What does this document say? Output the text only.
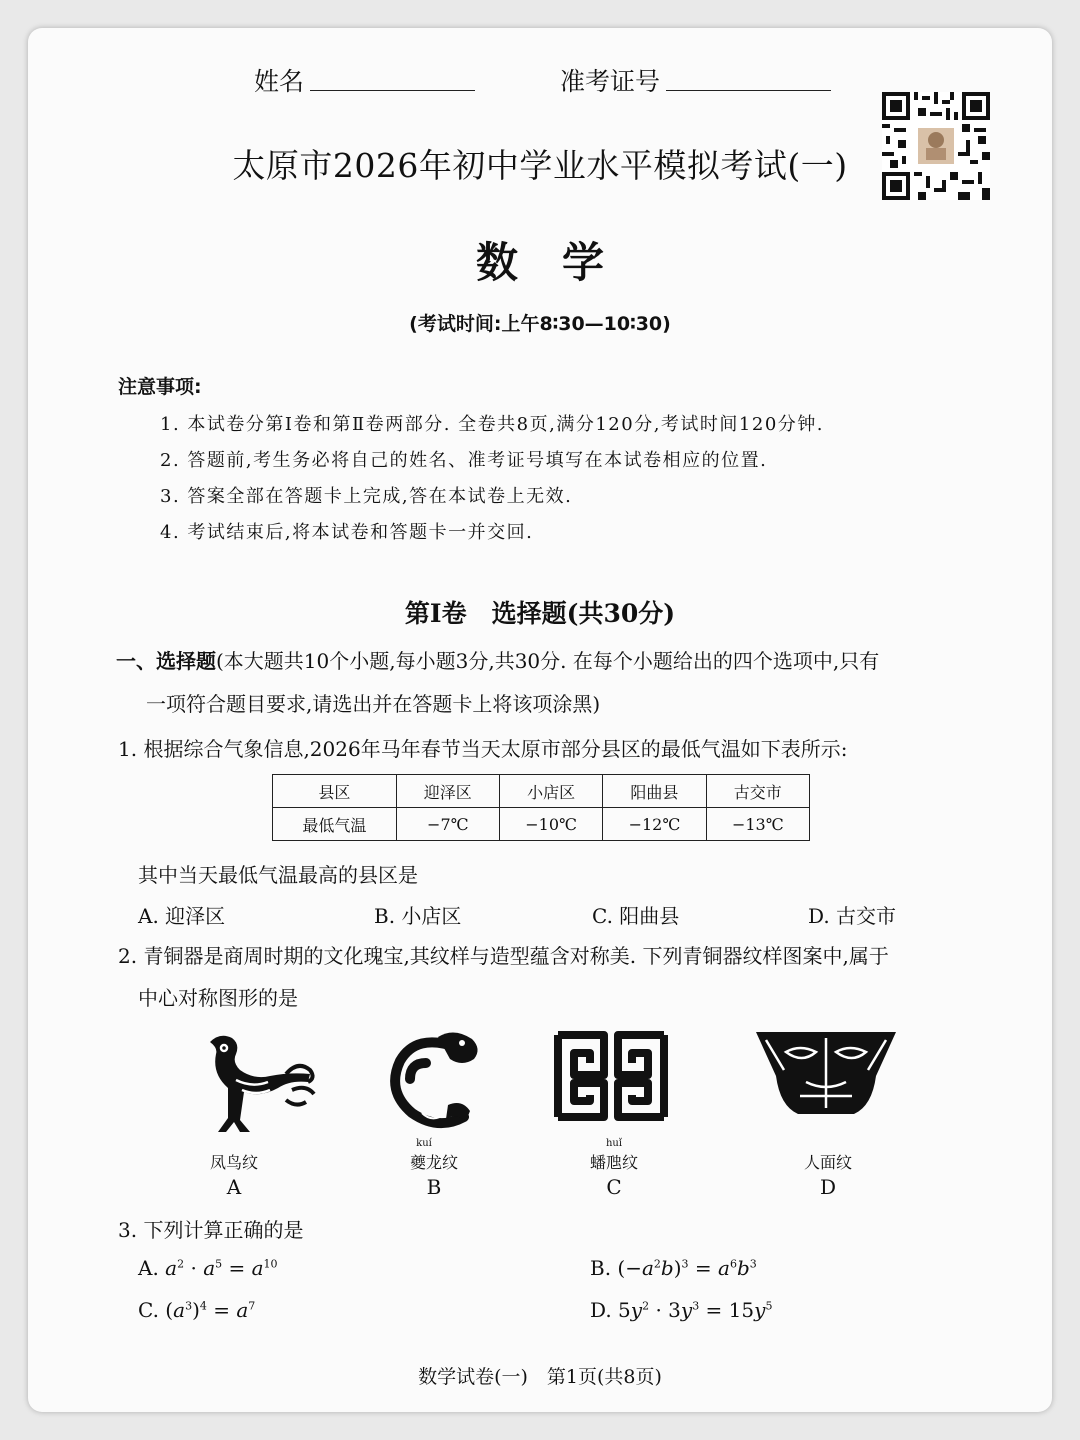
姓名	准考证号
太原市2026年初中学业水平模拟考试(一)
数学
(考试时间:上午8∶30—10∶30)
注意事项:
1. 本试卷分第Ⅰ卷和第Ⅱ卷两部分. 全卷共8页,满分120分,考试时间120分钟.
2. 答题前,考生务必将自己的姓名、准考证号填写在本试卷相应的位置.
3. 答案全部在答题卡上完成,答在本试卷上无效.
4. 考试结束后,将本试卷和答题卡一并交回.
第Ⅰ卷　选择题(共30分)
一、选择题(本大题共10个小题,每小题3分,共30分. 在每个小题给出的四个选项中,只有
一项符合题目要求,请选出并在答题卡上将该项涂黑)
1. 根据综合气象信息,2026年马年春节当天太原市部分县区的最低气温如下表所示:
县区	迎泽区	小店区	阳曲县	古交市
最低气温	−7℃	−10℃	−12℃	−13℃
其中当天最低气温最高的县区是
A. 迎泽区	B. 小店区	C. 阳曲县	D. 古交市
2. 青铜器是商周时期的文化瑰宝,其纹样与造型蕴含对称美. 下列青铜器纹样图案中,属于
中心对称图形的是
kuí	huǐ
凤鸟纹	夔龙纹	蟠虺纹	人面纹
A	B	C	D
3. 下列计算正确的是
A. $a^2 \cdot a^5 = a^{10}$	B. $(-a^2b)^3 = a^6b^3$
C. $(a^3)^4 = a^7$	D. $5y^2 \cdot 3y^3 = 15y^5$
数学试卷(一)　第1页(共8页)
